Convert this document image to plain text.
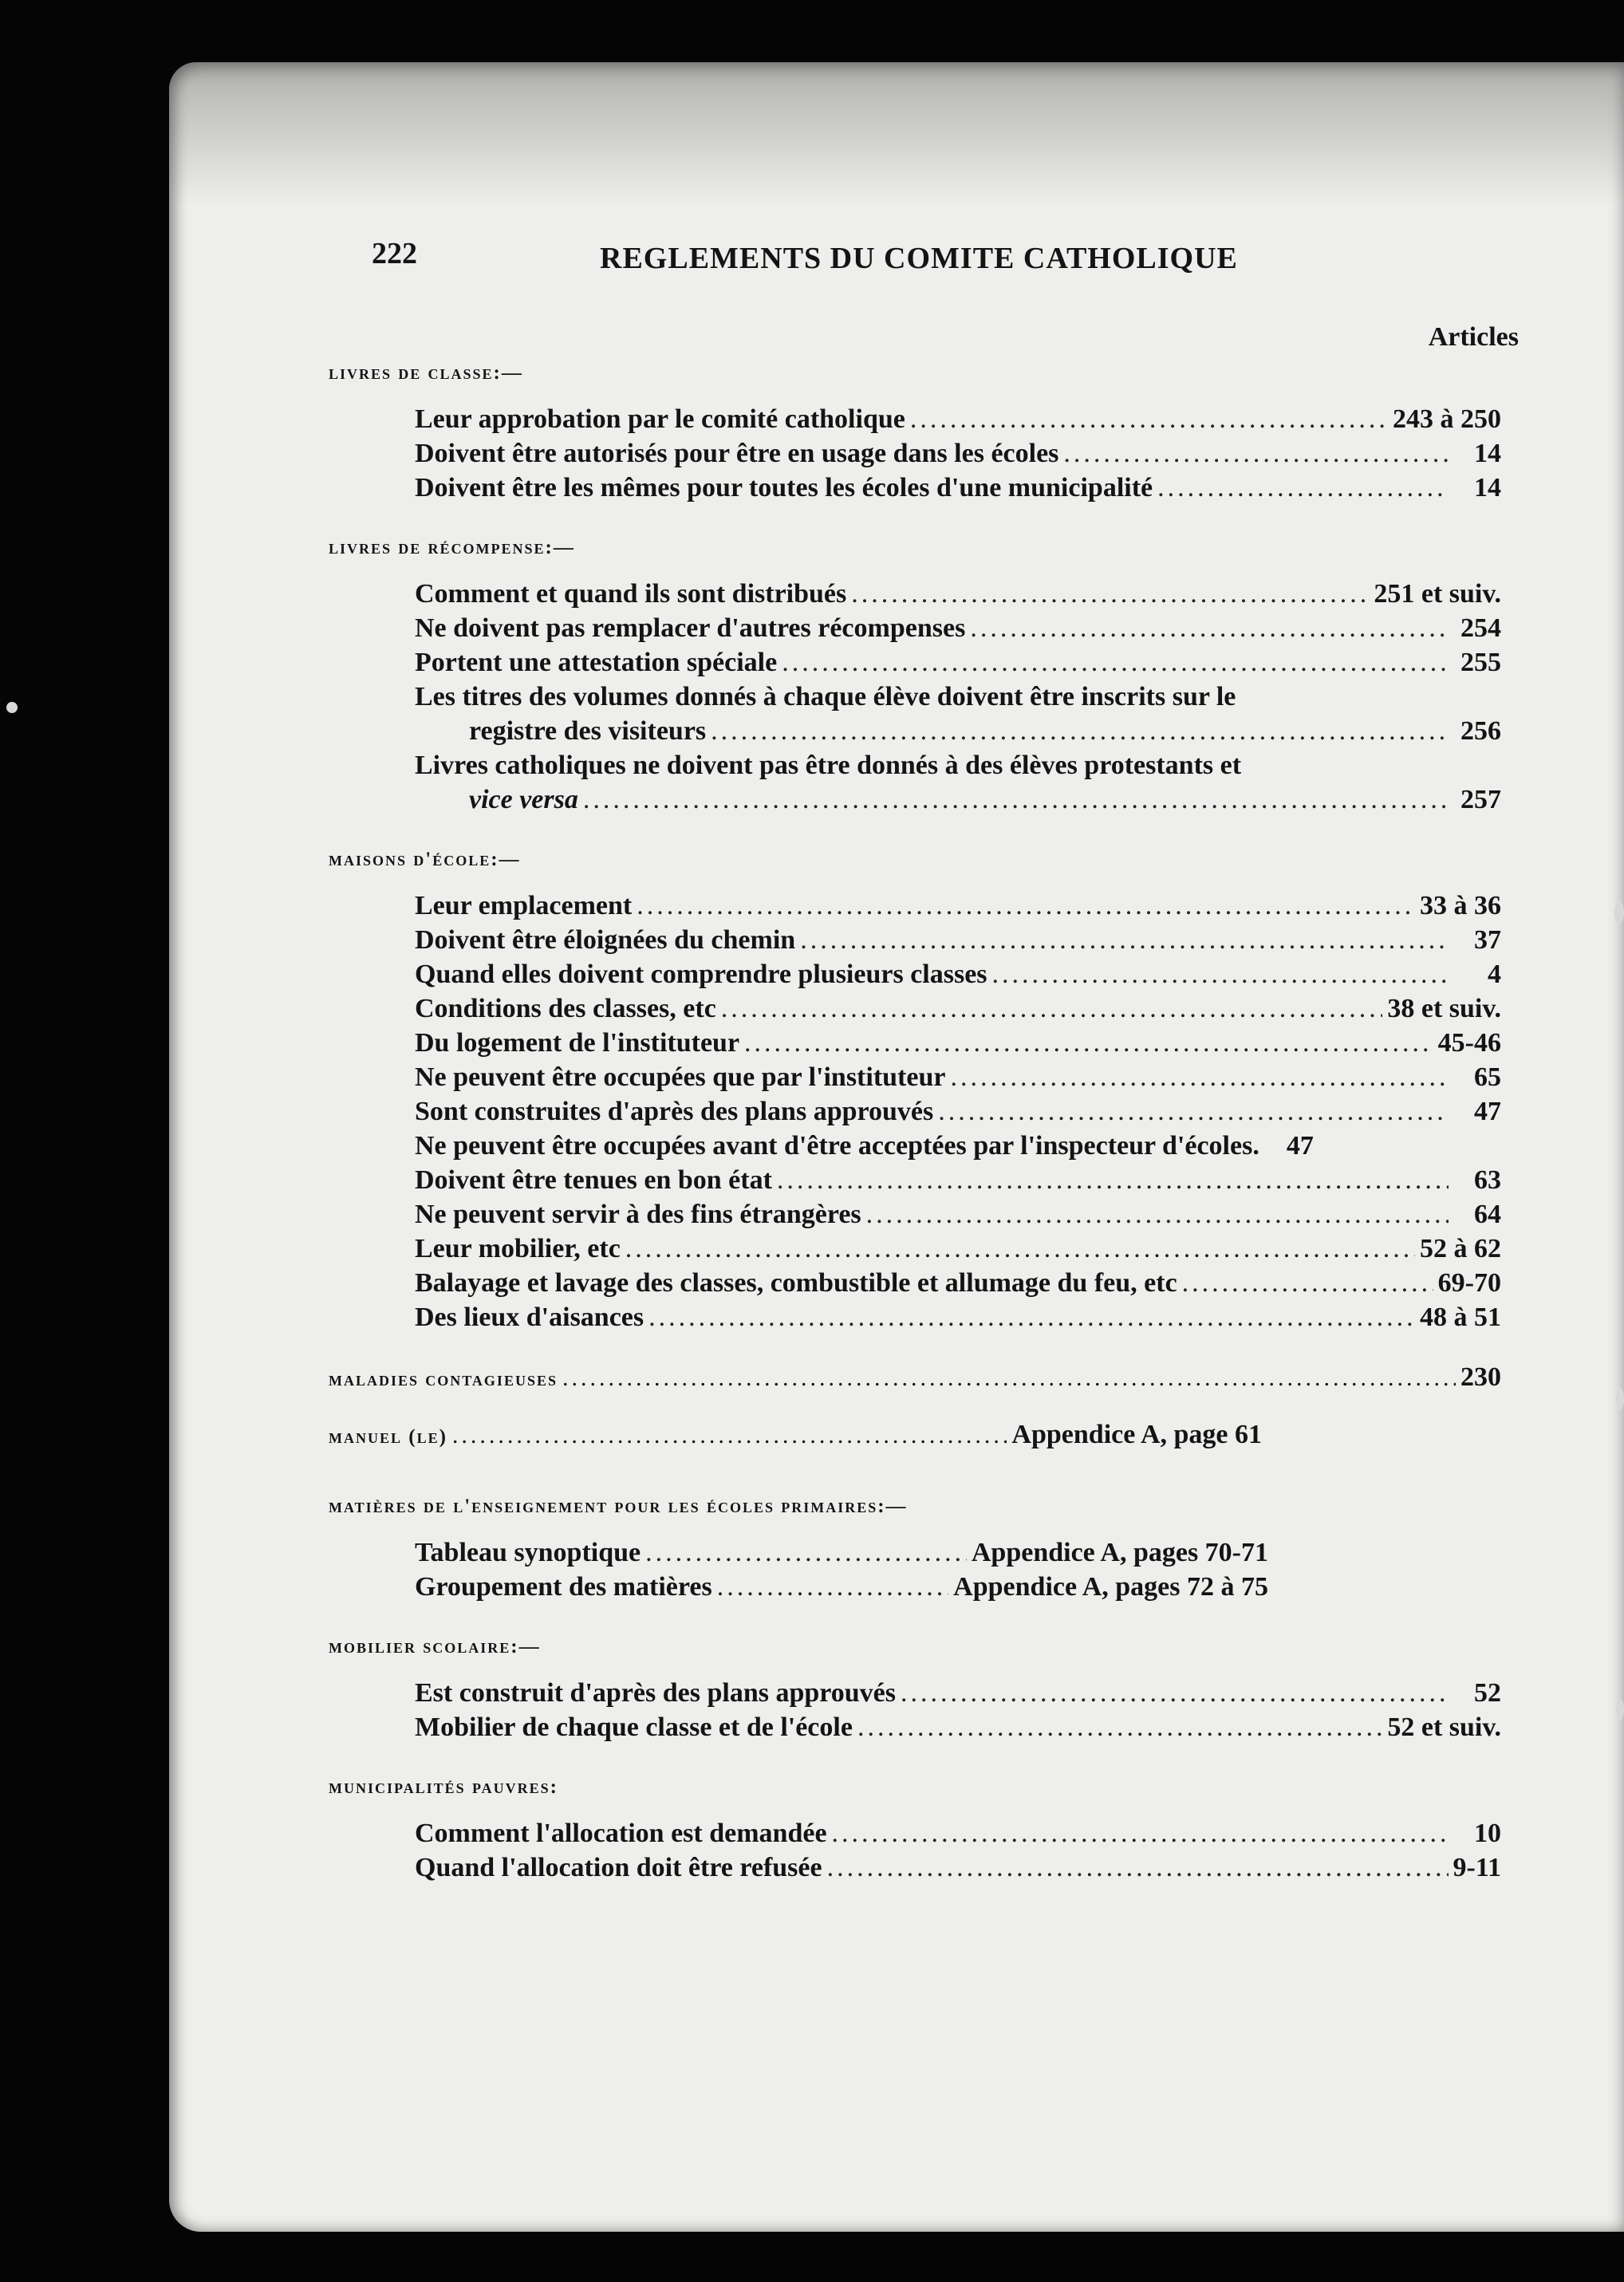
222	REGLEMENTS DU COMITE CATHOLIQUE
Articles
livres de classe:—
Leur approbation par le comité catholique .....	243 à 250
Doivent être autorisés pour être en usage dans les écoles .....	14
Doivent être les mêmes pour toutes les écoles d'une municipalité .....	14
livres de récompense:—
Comment et quand ils sont distribués .....	251 et suiv.
Ne doivent pas remplacer d'autres récompenses .....	254
Portent une attestation spéciale .....	255
Les titres des volumes donnés à chaque élève doivent être inscrits sur le
registre des visiteurs .....	256
Livres catholiques ne doivent pas être donnés à des élèves protestants et
vice versa .....	257
maisons d'école:—
Leur emplacement .....	33 à 36
Doivent être éloignées du chemin .....	37
Quand elles doivent comprendre plusieurs classes .....	4
Conditions des classes, etc .....	38 et suiv.
Du logement de l'instituteur .....	45-46
Ne peuvent être occupées que par l'instituteur .....	65
Sont construites d'après des plans approuvés .....	47
Ne peuvent être occupées avant d'être acceptées par l'inspecteur d'écoles.	47
Doivent être tenues en bon état .....	63
Ne peuvent servir à des fins étrangères .....	64
Leur mobilier, etc .....	52 à 62
Balayage et lavage des classes, combustible et allumage du feu, etc .....	69-70
Des lieux d'aisances .....	48 à 51
maladies contagieuses .....	230
manuel (le) .....	Appendice A, page 61
matières de l'enseignement pour les écoles primaires:—
Tableau synoptique .....	Appendice A, pages 70-71
Groupement des matières .....	Appendice A, pages 72 à 75
mobilier scolaire:—
Est construit d'après des plans approuvés .....	52
Mobilier de chaque classe et de l'école .....	52 et suiv.
municipalités pauvres:
Comment l'allocation est demandée .....	10
Quand l'allocation doit être refusée .....	9-11
